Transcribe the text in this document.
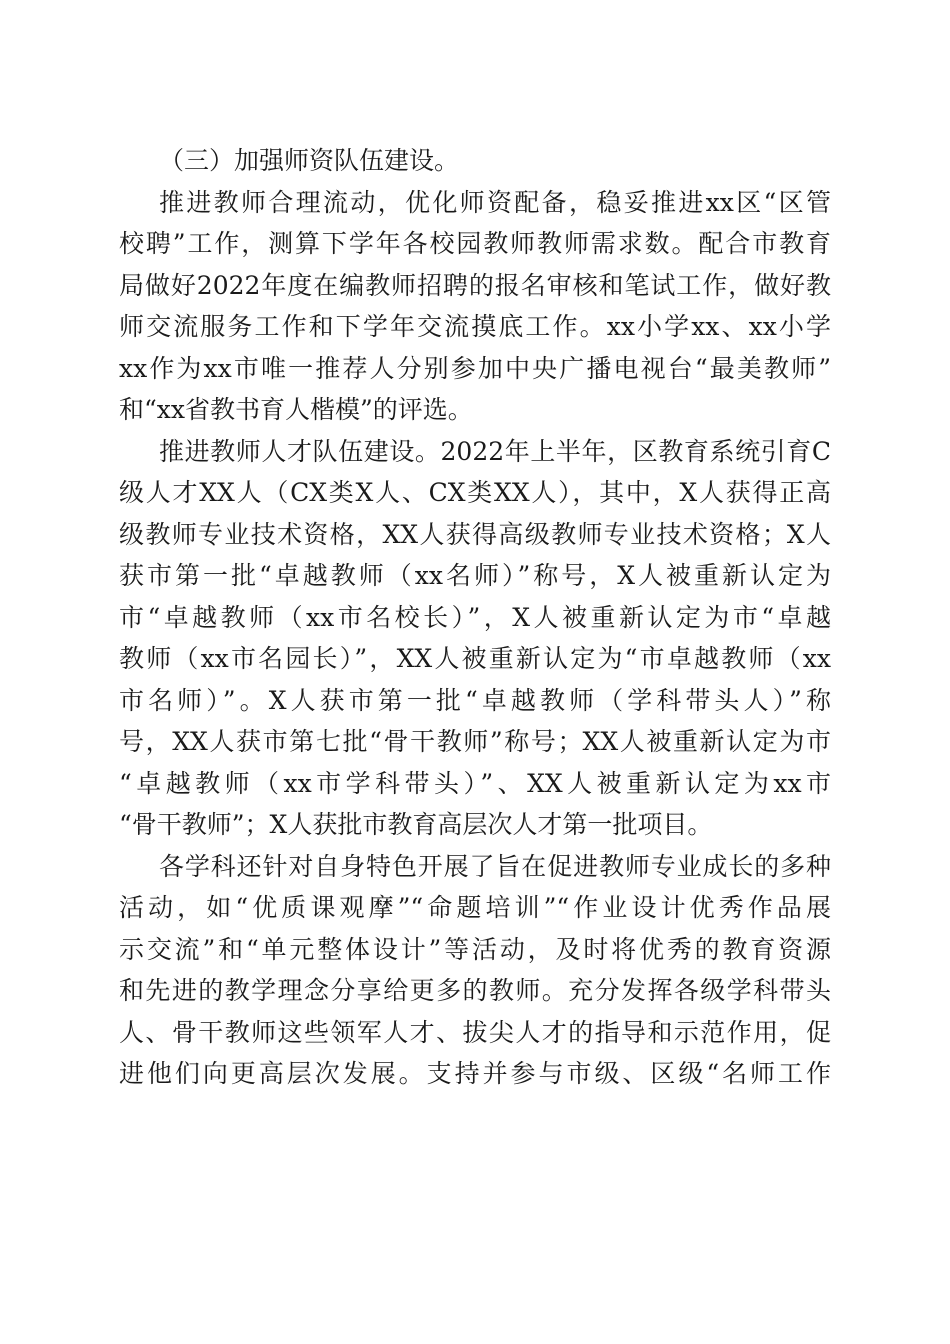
（三）加强师资队伍建设。
推进教师合理流动，优化师资配备，稳妥推进xx区“区管
校聘”工作，测算下学年各校园教师教师需求数。配合市教育
局做好2022年度在编教师招聘的报名审核和笔试工作，做好教
师交流服务工作和下学年交流摸底工作。xx小学xx、xx小学
xx作为xx市唯一推荐人分别参加中央广播电视台“最美教师”
和“xx省教书育人楷模”的评选。
推进教师人才队伍建设。2022年上半年，区教育系统引育C
级人才XX人（CX类X人、CX类XX人），其中，X人获得正高
级教师专业技术资格，XX人获得高级教师专业技术资格；X人
获市第一批“卓越教师（xx名师）”称号，X人被重新认定为
市“卓越教师（xx市名校长）”，X人被重新认定为市“卓越
教师（xx市名园长）”，XX人被重新认定为“市卓越教师（xx
市名师）”。X人获市第一批“卓越教师（学科带头人）”称
号，XX人获市第七批“骨干教师”称号；XX人被重新认定为市
“卓越教师（xx市学科带头）”、XX人被重新认定为xx市
“骨干教师”；X人获批市教育高层次人才第一批项目。
各学科还针对自身特色开展了旨在促进教师专业成长的多种
活动，如“优质课观摩”“命题培训”“作业设计优秀作品展
示交流”和“单元整体设计”等活动，及时将优秀的教育资源
和先进的教学理念分享给更多的教师。充分发挥各级学科带头
人、骨干教师这些领军人才、拔尖人才的指导和示范作用，促
进他们向更高层次发展。支持并参与市级、区级“名师工作
